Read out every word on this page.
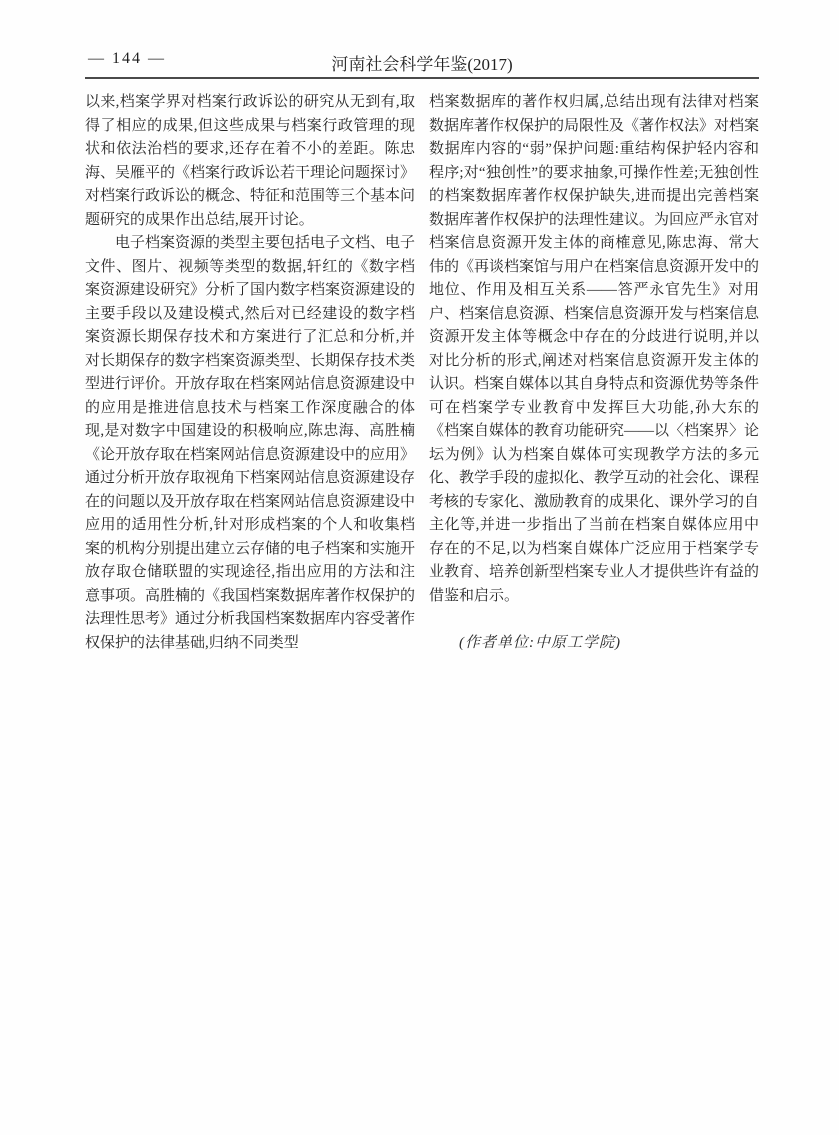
— 144 —	河南社会科学年鉴(2017)

以来,档案学界对档案行政诉讼的研究从无到有,取得了相应的成果,但这些成果与档案行政管理的现状和依法治档的要求,还存在着不小的差距。陈忠海、吴雁平的《档案行政诉讼若干理论问题探讨》对档案行政诉讼的概念、特征和范围等三个基本问题研究的成果作出总结,展开讨论。

电子档案资源的类型主要包括电子文档、电子文件、图片、视频等类型的数据,轩红的《数字档案资源建设研究》分析了国内数字档案资源建设的主要手段以及建设模式,然后对已经建设的数字档案资源长期保存技术和方案进行了汇总和分析,并对长期保存的数字档案资源类型、长期保存技术类型进行评价。开放存取在档案网站信息资源建设中的应用是推进信息技术与档案工作深度融合的体现,是对数字中国建设的积极响应,陈忠海、高胜楠《论开放存取在档案网站信息资源建设中的应用》通过分析开放存取视角下档案网站信息资源建设存在的问题以及开放存取在档案网站信息资源建设中应用的适用性分析,针对形成档案的个人和收集档案的机构分别提出建立云存储的电子档案和实施开放存取仓储联盟的实现途径,指出应用的方法和注意事项。高胜楠的《我国档案数据库著作权保护的法理性思考》通过分析我国档案数据库内容受著作权保护的法律基础,归纳不同类型

档案数据库的著作权归属,总结出现有法律对档案数据库著作权保护的局限性及《著作权法》对档案数据库内容的“弱”保护问题:重结构保护轻内容和程序;对“独创性”的要求抽象,可操作性差;无独创性的档案数据库著作权保护缺失,进而提出完善档案数据库著作权保护的法理性建议。为回应严永官对档案信息资源开发主体的商榷意见,陈忠海、常大伟的《再谈档案馆与用户在档案信息资源开发中的地位、作用及相互关系——答严永官先生》对用户、档案信息资源、档案信息资源开发与档案信息资源开发主体等概念中存在的分歧进行说明,并以对比分析的形式,阐述对档案信息资源开发主体的认识。档案自媒体以其自身特点和资源优势等条件可在档案学专业教育中发挥巨大功能,孙大东的《档案自媒体的教育功能研究——以〈档案界〉论坛为例》认为档案自媒体可实现教学方法的多元化、教学手段的虚拟化、教学互动的社会化、课程考核的专家化、激励教育的成果化、课外学习的自主化等,并进一步指出了当前在档案自媒体应用中存在的不足,以为档案自媒体广泛应用于档案学专业教育、培养创新型档案专业人才提供些许有益的借鉴和启示。

(作者单位:中原工学院)
